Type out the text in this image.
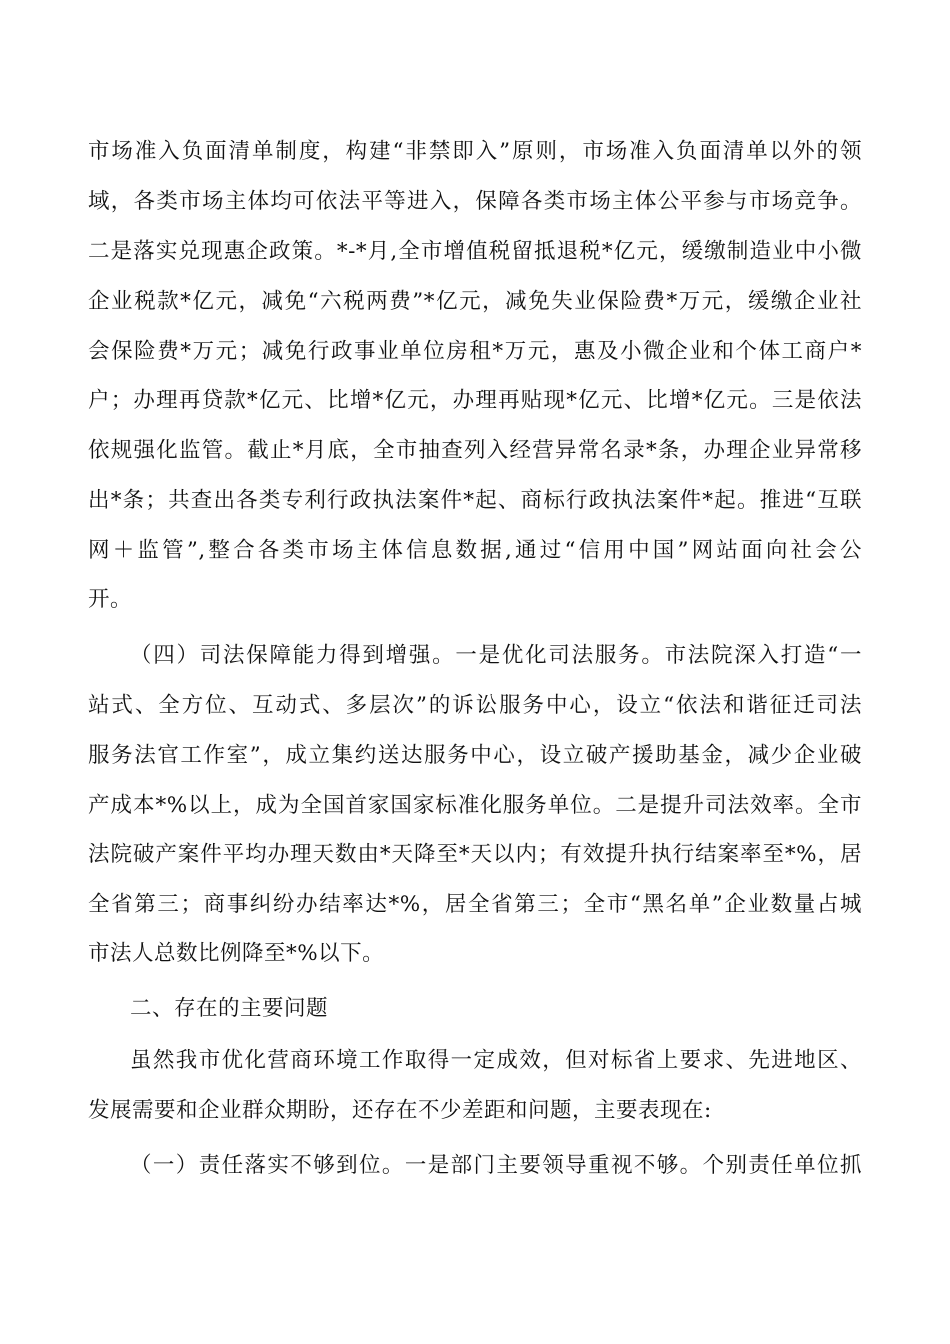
市场准入负面清单制度，构建“非禁即入”原则，市场准入负面清单以外的领
域，各类市场主体均可依法平等进入，保障各类市场主体公平参与市场竞争。
二是落实兑现惠企政策。*-*月,全市增值税留抵退税*亿元，缓缴制造业中小微
企业税款*亿元，减免“六税两费”*亿元，减免失业保险费*万元，缓缴企业社
会保险费*万元；减免行政事业单位房租*万元，惠及小微企业和个体工商户*
户；办理再贷款*亿元、比增*亿元，办理再贴现*亿元、比增*亿元。三是依法
依规强化监管。截止*月底，全市抽查列入经营异常名录*条，办理企业异常移
出*条；共查出各类专利行政执法案件*起、商标行政执法案件*起。推进“互联
网＋监管”,整合各类市场主体信息数据,通过“信用中国”网站面向社会公
开。
（四）司法保障能力得到增强。一是优化司法服务。市法院深入打造“一
站式、全方位、互动式、多层次”的诉讼服务中心，设立“依法和谐征迁司法
服务法官工作室”，成立集约送达服务中心，设立破产援助基金，减少企业破
产成本*%以上，成为全国首家国家标准化服务单位。二是提升司法效率。全市
法院破产案件平均办理天数由*天降至*天以内；有效提升执行结案率至*%，居
全省第三；商事纠纷办结率达*%，居全省第三；全市“黑名单”企业数量占城
市法人总数比例降至*%以下。
二、存在的主要问题
虽然我市优化营商环境工作取得一定成效，但对标省上要求、先进地区、
发展需要和企业群众期盼，还存在不少差距和问题，主要表现在:
（一）责任落实不够到位。一是部门主要领导重视不够。个别责任单位抓
